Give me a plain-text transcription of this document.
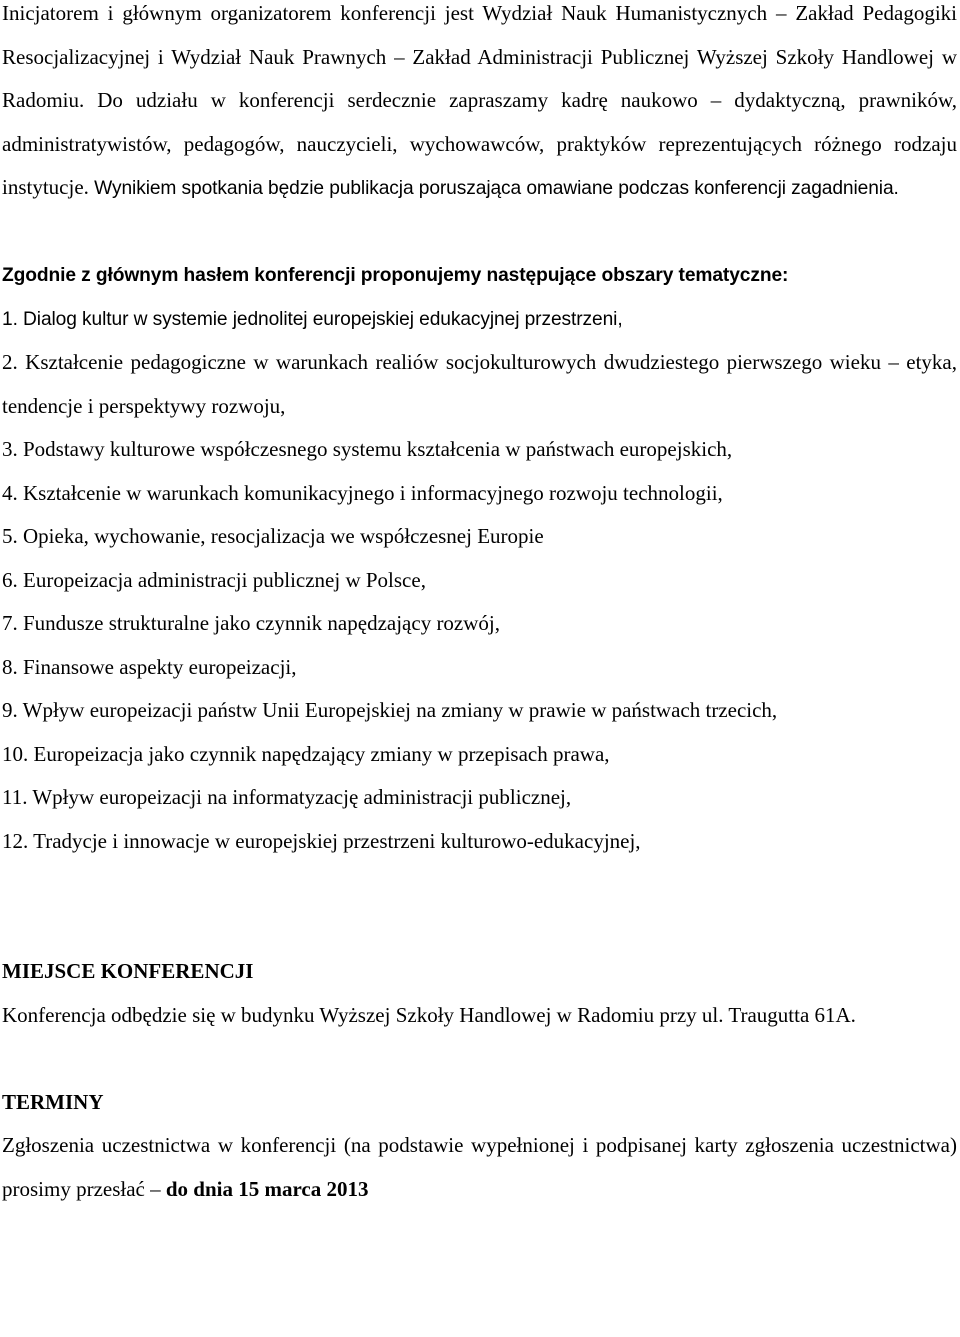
Inicjatorem i głównym organizatorem konferencji jest Wydział Nauk Humanistycznych – Zakład Pedagogiki Resocjalizacyjnej i Wydział Nauk Prawnych – Zakład Administracji Publicznej Wyższej Szkoły Handlowej w Radomiu. Do udziału w konferencji serdecznie zapraszamy kadrę naukowo – dydaktyczną, prawników, administratywistów, pedagogów, nauczycieli, wychowawców, praktyków reprezentujących różnego rodzaju instytucje. Wynikiem spotkania będzie publikacja poruszająca omawiane podczas konferencji zagadnienia.

Zgodnie z głównym hasłem konferencji proponujemy następujące obszary tematyczne:

1. Dialog kultur w systemie jednolitej europejskiej edukacyjnej przestrzeni,

2. Kształcenie pedagogiczne w warunkach realiów socjokulturowych dwudziestego pierwszego wieku – etyka, tendencje i perspektywy rozwoju,

3. Podstawy kulturowe współczesnego systemu kształcenia w państwach europejskich,

4. Kształcenie w warunkach komunikacyjnego i informacyjnego rozwoju technologii,

5. Opieka, wychowanie, resocjalizacja we współczesnej Europie

6. Europeizacja administracji publicznej w Polsce,

7. Fundusze strukturalne jako czynnik napędzający rozwój,

8. Finansowe aspekty europeizacji,

9. Wpływ europeizacji państw Unii Europejskiej na zmiany w prawie w państwach trzecich,

10. Europeizacja jako czynnik napędzający zmiany w przepisach prawa,

11. Wpływ europeizacji na informatyzację administracji publicznej,

12. Tradycje i innowacje w europejskiej przestrzeni kulturowo-edukacyjnej,

MIEJSCE KONFERENCJI

Konferencja odbędzie się w budynku Wyższej Szkoły Handlowej w Radomiu przy ul. Traugutta 61A.

TERMINY

Zgłoszenia uczestnictwa w konferencji (na podstawie wypełnionej i podpisanej karty zgłoszenia uczestnictwa) prosimy przesłać – do dnia 15 marca 2013
